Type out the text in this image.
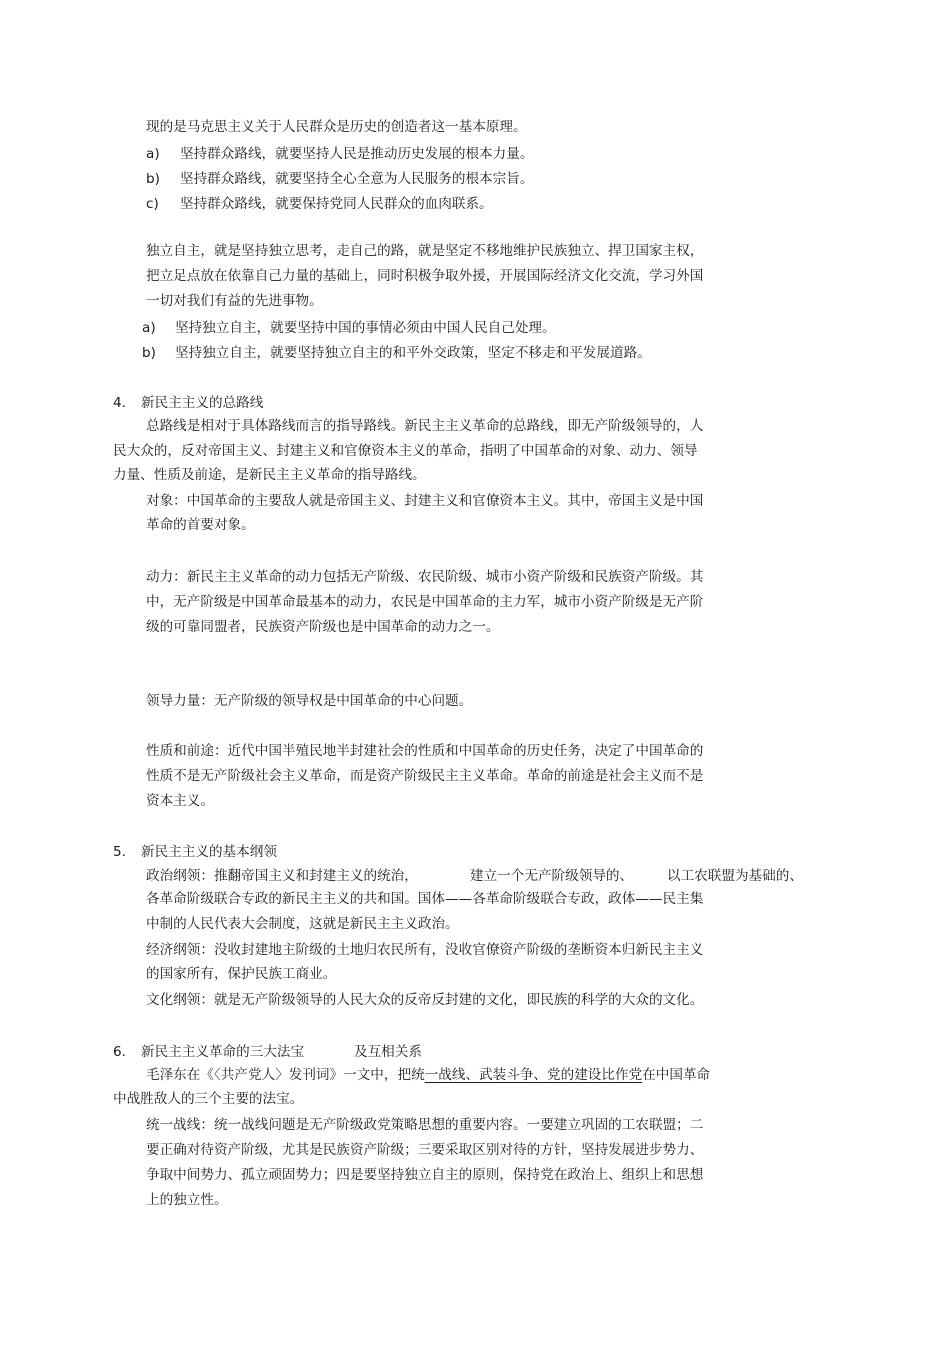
现的是马克思主义关于人民群众是历史的创造者这一基本原理。
a) 坚持群众路线，就要坚持人民是推动历史发展的根本力量。
b) 坚持群众路线，就要坚持全心全意为人民服务的根本宗旨。
c) 坚持群众路线，就要保持党同人民群众的血肉联系。
独立自主，就是坚持独立思考，走自己的路，就是坚定不移地维护民族独立、捍卫国家主权，
把立足点放在依靠自己力量的基础上，同时积极争取外援，开展国际经济文化交流，学习外国
一切对我们有益的先进事物。
a) 坚持独立自主，就要坚持中国的事情必须由中国人民自己处理。
b) 坚持独立自主，就要坚持独立自主的和平外交政策，坚定不移走和平发展道路。
4. 新民主主义的总路线
总路线是相对于具体路线而言的指导路线。新民主主义革命的总路线，即无产阶级领导的，人
民大众的，反对帝国主义、封建主义和官僚资本主义的革命，指明了中国革命的对象、动力、领导
力量、性质及前途，是新民主主义革命的指导路线。
对象：中国革命的主要敌人就是帝国主义、封建主义和官僚资本主义。其中，帝国主义是中国
革命的首要对象。
动力：新民主主义革命的动力包括无产阶级、农民阶级、城市小资产阶级和民族资产阶级。其
中，无产阶级是中国革命最基本的动力，农民是中国革命的主力军，城市小资产阶级是无产阶
级的可靠同盟者，民族资产阶级也是中国革命的动力之一。
领导力量：无产阶级的领导权是中国革命的中心问题。
性质和前途：近代中国半殖民地半封建社会的性质和中国革命的历史任务，决定了中国革命的
性质不是无产阶级社会主义革命，而是资产阶级民主主义革命。革命的前途是社会主义而不是
资本主义。
5. 新民主主义的基本纲领
政治纲领：推翻帝国主义和封建主义的统治，	建立一个无产阶级领导的、 以工农联盟为基础的、
各革命阶级联合专政的新民主主义的共和国。国体——各革命阶级联合专政，政体——民主集
中制的人民代表大会制度，这就是新民主主义政治。
经济纲领：没收封建地主阶级的土地归农民所有，没收官僚资产阶级的垄断资本归新民主主义
的国家所有，保护民族工商业。
文化纲领：就是无产阶级领导的人民大众的反帝反封建的文化，即民族的科学的大众的文化。
6. 新民主主义革命的三大法宝	及互相关系
毛泽东在《〈共产党人〉发刊词》一文中，把统一战线、武装斗争、党的建设比作党在中国革命
中战胜敌人的三个主要的法宝。
统一战线：统一战线问题是无产阶级政党策略思想的重要内容。一要建立巩固的工农联盟；二
要正确对待资产阶级，尤其是民族资产阶级；三要采取区别对待的方针，坚持发展进步势力、
争取中间势力、孤立顽固势力；四是要坚持独立自主的原则，保持党在政治上、组织上和思想
上的独立性。
